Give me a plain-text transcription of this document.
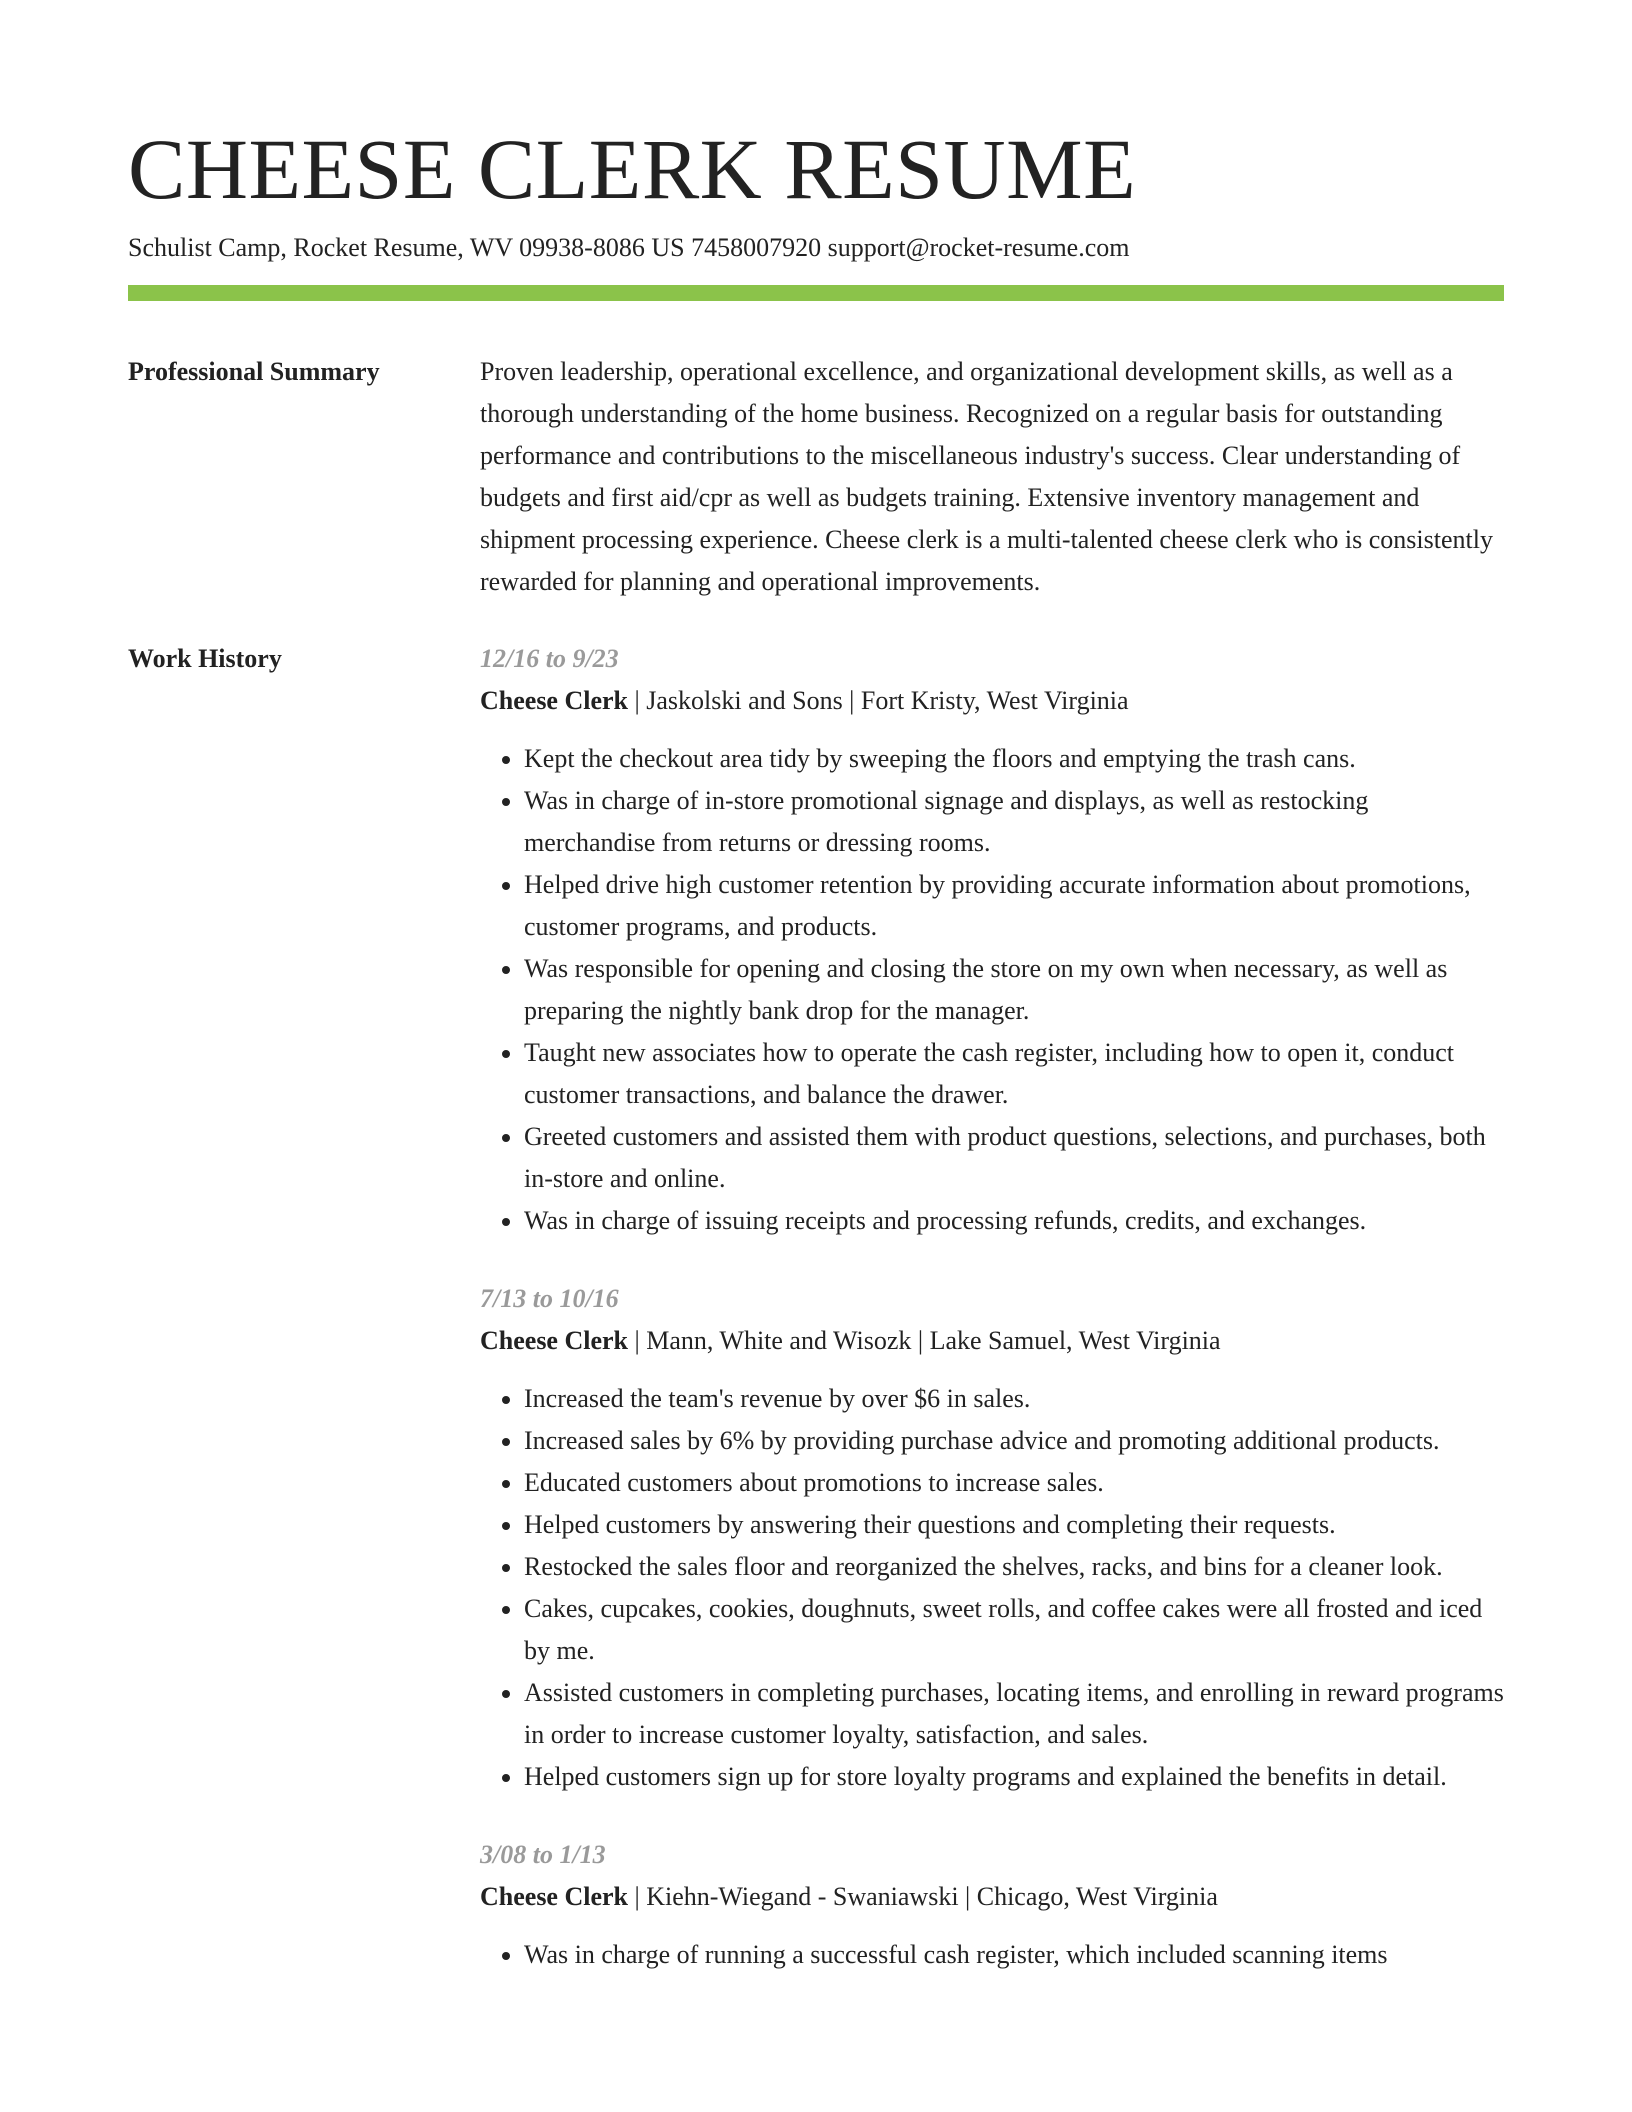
CHEESE CLERK RESUME
Schulist Camp, Rocket Resume, WV 09938-8086 US 7458007920 support@rocket-resume.com
Professional Summary	Proven leadership, operational excellence, and organizational development skills, as well as a thorough understanding of the home business. Recognized on a regular basis for outstanding performance and contributions to the miscellaneous industry's success. Clear understanding of budgets and first aid/cpr as well as budgets training. Extensive inventory management and shipment processing experience. Cheese clerk is a multi-talented cheese clerk who is consistently rewarded for planning and operational improvements.

Work History	12/16 to 9/23
Cheese Clerk | Jaskolski and Sons | Fort Kristy, West Virginia
• Kept the checkout area tidy by sweeping the floors and emptying the trash cans.
• Was in charge of in-store promotional signage and displays, as well as restocking merchandise from returns or dressing rooms.
• Helped drive high customer retention by providing accurate information about promotions, customer programs, and products.
• Was responsible for opening and closing the store on my own when necessary, as well as preparing the nightly bank drop for the manager.
• Taught new associates how to operate the cash register, including how to open it, conduct customer transactions, and balance the drawer.
• Greeted customers and assisted them with product questions, selections, and purchases, both in-store and online.
• Was in charge of issuing receipts and processing refunds, credits, and exchanges.
7/13 to 10/16
Cheese Clerk | Mann, White and Wisozk | Lake Samuel, West Virginia
• Increased the team's revenue by over $6 in sales.
• Increased sales by 6% by providing purchase advice and promoting additional products.
• Educated customers about promotions to increase sales.
• Helped customers by answering their questions and completing their requests.
• Restocked the sales floor and reorganized the shelves, racks, and bins for a cleaner look.
• Cakes, cupcakes, cookies, doughnuts, sweet rolls, and coffee cakes were all frosted and iced by me.
• Assisted customers in completing purchases, locating items, and enrolling in reward programs in order to increase customer loyalty, satisfaction, and sales.
• Helped customers sign up for store loyalty programs and explained the benefits in detail.
3/08 to 1/13
Cheese Clerk | Kiehn-Wiegand - Swaniawski | Chicago, West Virginia
• Was in charge of running a successful cash register, which included scanning items
